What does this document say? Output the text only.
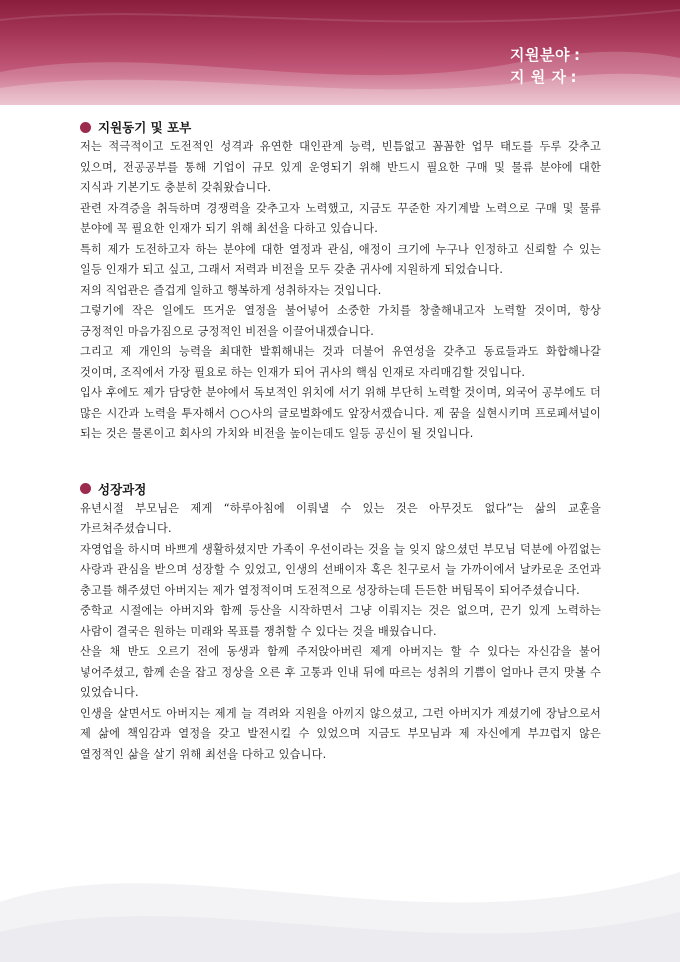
지원분야 :
지 원 자 :
지원동기 및 포부

저는 적극적이고 도전적인 성격과 유연한 대인관계 능력, 빈틈없고 꼼꼼한 업무 태도를 두루 갖추고 있으며, 전공공부를 통해 기업이 규모 있게 운영되기 위해 반드시 필요한 구매 및 물류 분야에 대한 지식과 기본기도 충분히 갖춰왔습니다.

관련 자격증을 취득하며 경쟁력을 갖추고자 노력했고, 지금도 꾸준한 자기계발 노력으로 구매 및 물류 분야에 꼭 필요한 인재가 되기 위해 최선을 다하고 있습니다.

특히 제가 도전하고자 하는 분야에 대한 열정과 관심, 애정이 크기에 누구나 인정하고 신뢰할 수 있는 일등 인재가 되고 싶고, 그래서 저력과 비전을 모두 갖춘 귀사에 지원하게 되었습니다.

저의 직업관은 즐겁게 일하고 행복하게 성취하자는 것입니다.

그렇기에 작은 일에도 뜨거운 열정을 불어넣어 소중한 가치를 창출해내고자 노력할 것이며, 항상 긍정적인 마음가짐으로 긍정적인 비전을 이끌어내겠습니다.

그리고 제 개인의 능력을 최대한 발휘해내는 것과 더불어 유연성을 갖추고 동료들과도 화합해나갈 것이며, 조직에서 가장 필요로 하는 인재가 되어 귀사의 핵심 인재로 자리매김할 것입니다.

입사 후에도 제가 담당한 분야에서 독보적인 위치에 서기 위해 부단히 노력할 것이며, 외국어 공부에도 더 많은 시간과 노력을 투자해서 ○○사의 글로벌화에도 앞장서겠습니다. 제 꿈을 실현시키며 프로페셔널이 되는 것은 물론이고 회사의 가치와 비전을 높이는데도 일등 공신이 될 것입니다.

성장과정

유년시절 부모님은 제게 “하루아침에 이뤄낼 수 있는 것은 아무것도 없다”는 삶의 교훈을 가르쳐주셨습니다.

자영업을 하시며 바쁘게 생활하셨지만 가족이 우선이라는 것을 늘 잊지 않으셨던 부모님 덕분에 아낌없는 사랑과 관심을 받으며 성장할 수 있었고, 인생의 선배이자 혹은 친구로서 늘 가까이에서 날카로운 조언과 충고를 해주셨던 아버지는 제가 열정적이며 도전적으로 성장하는데 든든한 버팀목이 되어주셨습니다.

중학교 시절에는 아버지와 함께 등산을 시작하면서 그냥 이뤄지는 것은 없으며, 끈기 있게 노력하는 사람이 결국은 원하는 미래와 목표를 쟁취할 수 있다는 것을 배웠습니다.

산을 채 반도 오르기 전에 동생과 함께 주저앉아버린 제게 아버지는 할 수 있다는 자신감을 불어 넣어주셨고, 함께 손을 잡고 정상을 오른 후 고통과 인내 뒤에 따르는 성취의 기쁨이 얼마나 큰지 맛볼 수 있었습니다.

인생을 살면서도 아버지는 제게 늘 격려와 지원을 아끼지 않으셨고, 그런 아버지가 계셨기에 장남으로서 제 삶에 책임감과 열정을 갖고 발전시킬 수 있었으며 지금도 부모님과 제 자신에게 부끄럽지 않은 열정적인 삶을 살기 위해 최선을 다하고 있습니다.
